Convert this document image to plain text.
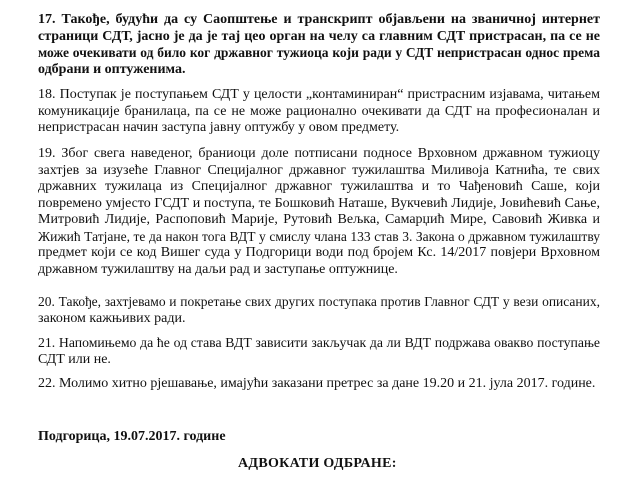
17. Такође, будући да су Саопштење и транскрипт објављени на званичној интернет
страници СДТ, јасно је да је тај цео орган на челу са главним СДТ пристрасан, па се не
може очекивати од било ког државног тужиоца који ради у СДТ непристрасан однос према
одбрани и оптуженима.
18. Поступак је поступањем СДТ у целости „контаминиран“ пристрасним изјавама, читањем
комуникације бранилаца, па се не може рационално очекивати да СДТ на професионалан и
непристрасан начин заступа јавну оптужбу у овом предмету.
19. Због свега наведеног, браниоци доле потписани подносе Врховном државном тужиоцу
захтјев за изузеће Главног Специјалног државног тужилаштва Миливоја Катнића, те свих
државних тужилаца из Специјалног државног тужилаштва и то Чађеновић Саше, који
повремено умјесто ГСДТ и поступа, те Бошковић Наташе, Вукчевић Лидије, Јовићевић Сање,
Митровић Лидије, Распоповић Марије, Рутовић Вeљка, Самарџић Мире, Савовић Живка и
Жижић Татјане, те да након тога ВДТ у смислу члана 133 став 3. Закона о државном тужилаштву
предмет који се код Вишег суда у Подгорици води под бројем Кс. 14/2017 повјери Врховном
државном тужилаштву на даљи рад и заступање оптужнице.
20. Такође, захтјевамо и покретање свих других поступака против Главног СДТ у вези описаних,
законом кажњивих ради.
21. Напомињемо да ће од става ВДТ зависити закључак да ли ВДТ подржава овакво поступање
СДТ или не.
22. Молимо хитно рјешавање, имајући заказани претрес за дане 19.20 и 21. јула 2017. године.

Подгорица, 19.07.2017. године

АДВОКАТИ ОДБРАНЕ:
